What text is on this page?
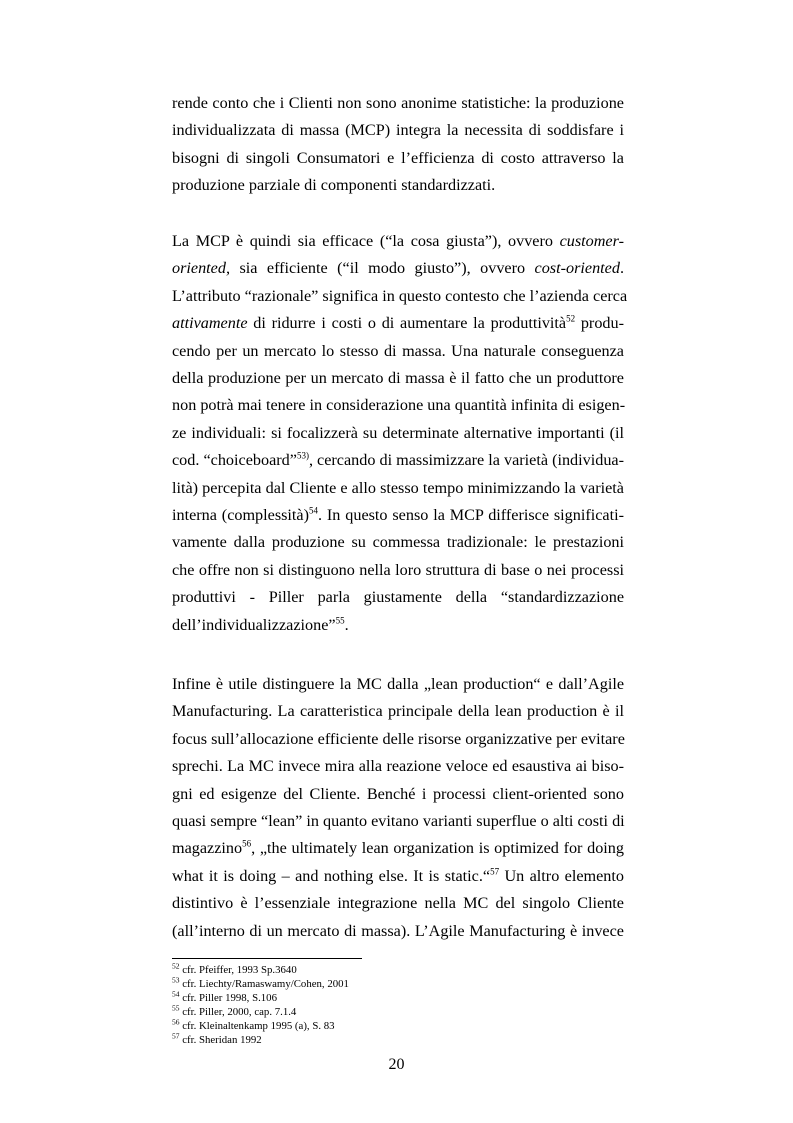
rende conto che i Clienti non sono anonime statistiche: la produzione
individualizzata di massa (MCP) integra la necessita di soddisfare i
bisogni di singoli Consumatori e l’efficienza di costo attraverso la
produzione parziale di componenti standardizzati.
La MCP è quindi sia efficace (“la cosa giusta”), ovvero customer-
oriented, sia efficiente (“il modo giusto”), ovvero cost-oriented.
L’attributo “razionale” significa in questo contesto che l’azienda cerca
attivamente di ridurre i costi o di aumentare la produttività$^{52}$ produ-
cendo per un mercato lo stesso di massa. Una naturale conseguenza
della produzione per un mercato di massa è il fatto che un produttore
non potrà mai tenere in considerazione una quantità infinita di esigen-
ze individuali: si focalizzerà su determinate alternative importanti (il
cod. “choiceboard”$^{53)}$, cercando di massimizzare la varietà (individua-
lità) percepita dal Cliente e allo stesso tempo minimizzando la varietà
interna (complessità)$^{54}$. In questo senso la MCP differisce significati-
vamente dalla produzione su commessa tradizionale: le prestazioni
che offre non si distinguono nella loro struttura di base o nei processi
produttivi - Piller parla giustamente della “standardizzazione
dell’individualizzazione”$^{55}$.
Infine è utile distinguere la MC dalla „lean production“ e dall’Agile
Manufacturing. La caratteristica principale della lean production è il
focus sull’allocazione efficiente delle risorse organizzative per evitare
sprechi. La MC invece mira alla reazione veloce ed esaustiva ai biso-
gni ed esigenze del Cliente. Benché i processi client-oriented sono
quasi sempre “lean” in quanto evitano varianti superflue o alti costi di
magazzino$^{56}$, „the ultimately lean organization is optimized for doing
what it is doing – and nothing else. It is static.“$^{57}$ Un altro elemento
distintivo è l’essenziale integrazione nella MC del singolo Cliente
(all’interno di un mercato di massa). L’Agile Manufacturing è invece
$^{52}$ cfr. Pfeiffer, 1993 Sp.3640
$^{53}$ cfr. Liechty/Ramaswamy/Cohen, 2001
$^{54}$ cfr. Piller 1998, S.106
$^{55}$ cfr. Piller, 2000, cap. 7.1.4
$^{56}$ cfr. Kleinaltenkamp 1995 (a), S. 83
$^{57}$ cfr. Sheridan 1992
20
